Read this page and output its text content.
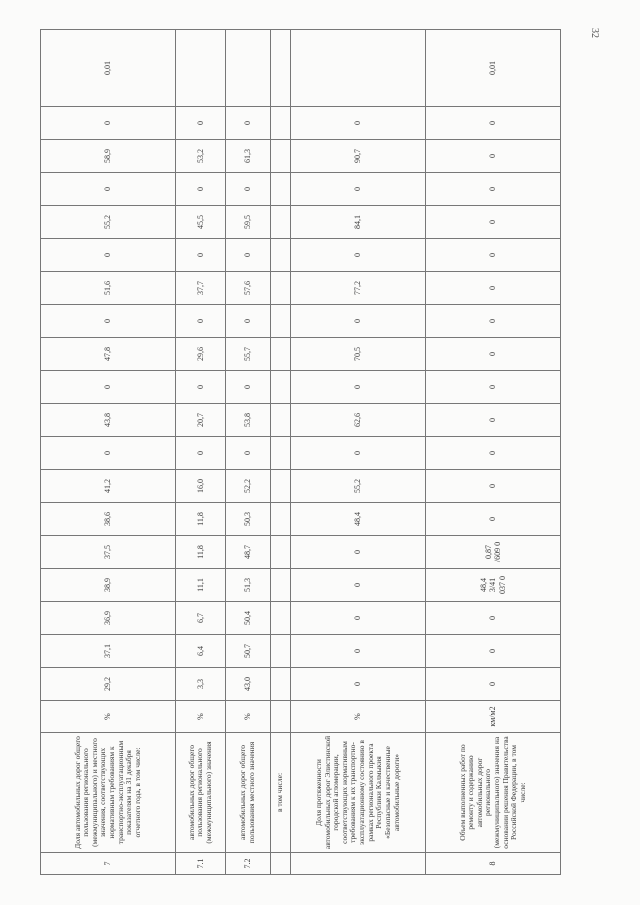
32
7	Доля автомобильных дорог общего пользования регионального (межмуниципального) и местного значения, соответствующих нормативным требованиям к транспортно-эксплуатационным показателям на 31 декабря отчетного года, в том числе:	%	29,2	37,1	36,9	38,9	37,5	38,6	41,2	0	43,8	0	47,8	0	51,6	0	55,2	0	58,9	0	0,01
7.1	автомобильных дорог общего пользования регионального (межмуниципального) значения	%	3,3	6,4	6,7	11,1	11,8	11,8	16,0	0	20,7	0	29,6	0	37,7	0	45,5	0	53,2	0	
7.2	автомобильных дорог общего пользования местного значения	%	43,0	50,7	50,4	51,3	48,7	50,3	52,2	0	53,8	0	55,7	0	57,6	0	59,5	0	61,3	0	
	в том числе:																				
	Доля протяженности автомобильных дорог Элистинской городской агломерации, соответствующих нормативным требованиям к их транспортно-эксплуатационному состоянию в рамках регионального проекта Республики Калмыкия «Безопасные и качественные автомобильные дороги»	%	0	0	0	0	0	48,4	55,2	0	62,6	0	70,5	0	77,2	0	84,1	0	90,7	0	
8	Объем выполненных работ по ремонту и содержанию автомобильных дорог регионального (межмуниципального) значения на основании решения Правительства Российской Федерации, в том числе:	км/м2	0	0	0	48,4 3/41 037 0	0,87 /609 0	0	0	0	0	0	0	0	0	0	0	0	0	0	0,01
